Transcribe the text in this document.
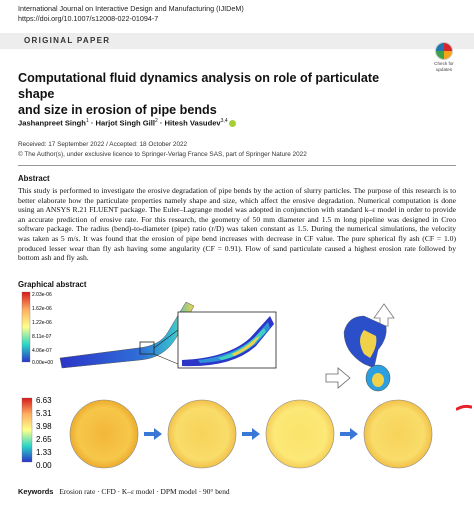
International Journal on Interactive Design and Manufacturing (IJIDeM)
https://doi.org/10.1007/s12008-022-01094-7
ORIGINAL PAPER
Check for
updates
Computational fluid dynamics analysis on role of particulate shape
and size in erosion of pipe bends
Jashanpreet Singh$^1$ · Harjot Singh Gill$^2$ · Hitesh Vasudev$^{3,4}$
Received: 17 September 2022 / Accepted: 18 October 2022
© The Author(s), under exclusive licence to Springer-Verlag France SAS, part of Springer Nature 2022
Abstract

This study is performed to investigate the erosive degradation of pipe bends by the action of slurry particles. The purpose of this research is to better elaborate how the particulate properties namely shape and size, which affect the erosive degradation. Numerical computation is done using an ANSYS R.21 FLUENT package. The Euler–Lagrange model was adopted in conjunction with standard k–ε model in order to provide an accurate prediction of erosive rate. For this research, the geometry of 50 mm diameter and 1.5 m long pipeline was designed in Creo software package. The radius (bend)-to-diameter (pipe) ratio (r/D) was taken constant as 1.5. During the numerical simulations, the velocity was taken as 5 m/s. It was found that the erosion of pipe bend increases with decrease in CF value. The pure spherical fly ash (CF = 1.0) produced lesser wear than fly ash having some angularity (CF = 0.91). Flow of sand particulate caused a highest erosion rate followed by bottom ash and fly ash.

Graphical abstract
2.03e-06
1.62e-06
1.22e-06
8.11e-07
4.06e-07
0.00e+00
6.63
5.31
3.98
2.65
1.33
0.00
Keywords Erosion rate · CFD · K–ε model · DPM model · 90° bend
